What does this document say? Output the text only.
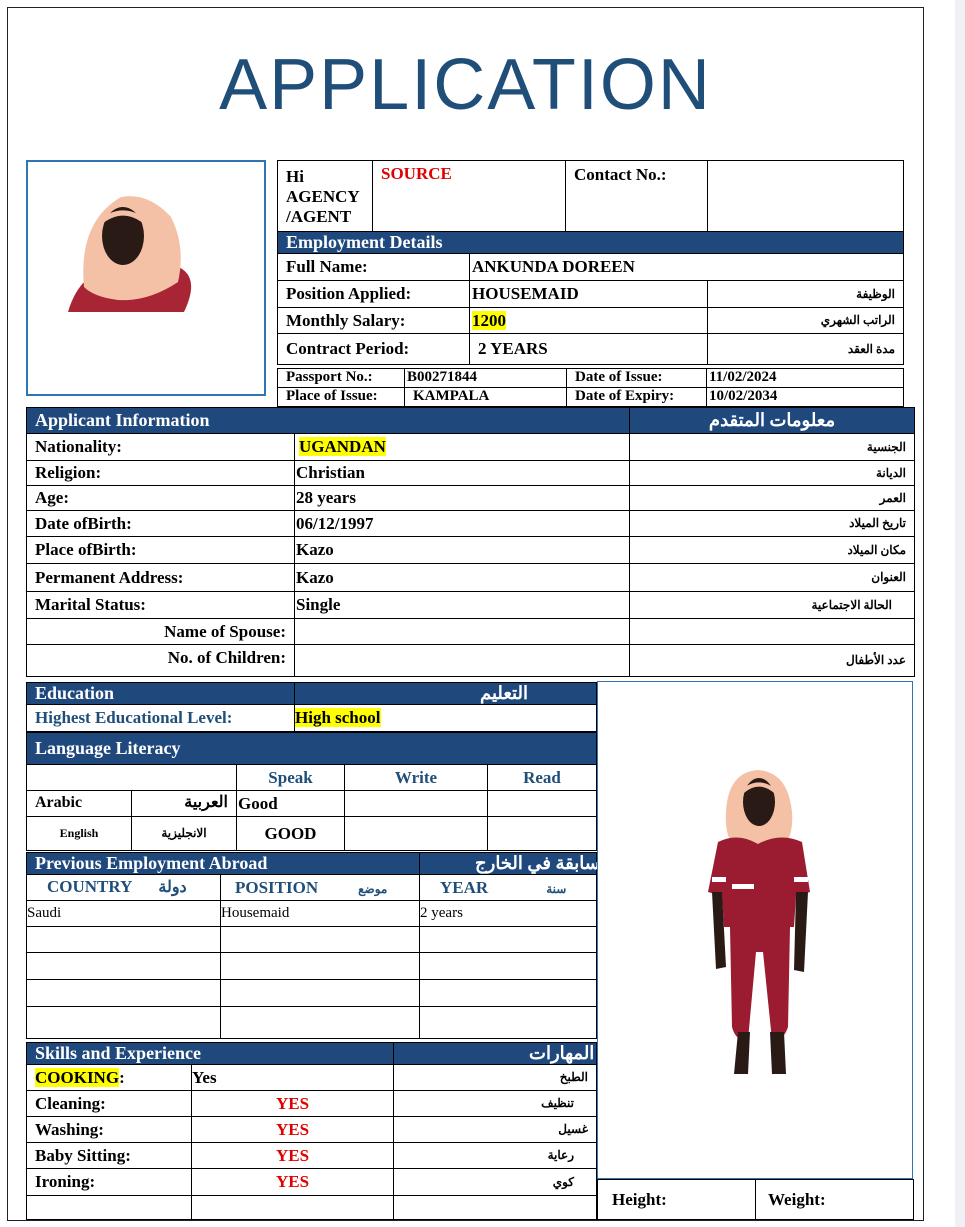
APPLICATION
Hi AGENCY /AGENT	SOURCE	Contact No.:	
Employment Details		
Full Name:	ANKUNDA DOREEN	
Position Applied:	HOUSEMAID	الوظيفة
Monthly Salary:	1200	الراتب الشهري
Contract Period:	2 YEARS	مدة العقد
Passport No.:	B00271844	Date of Issue:	11/02/2024
Place of Issue:	KAMPALA	Date of Expiry:	10/02/2034
Applicant Information		معلومات المتقدم
Nationality:	UGANDAN	الجنسية
Religion:	Christian	الديانة
Age:	28 years	العمر
Date ofBirth:	06/12/1997	تاريخ الميلاد
Place ofBirth:	Kazo	مكان الميلاد
Permanent Address:	Kazo	العنوان
Marital Status:	Single	الحالة الاجتماعية
Name of Spouse:		
No. of Children:		عدد الأطفال
Education	التعليم
Highest Educational Level:	High school
Language Literacy				
		Speak	Write	Read
Arabic	العربية	Good		
English	الانجليزية	GOOD		
Previous Employment Abroad		الخبرة السابقة في الخارج
COUNTRY دولة	POSITION موضع	YEAR سنة
Saudi	Housemaid	2 years

Skills and Experience		المهارات
COOKING:	Yes	الطبخ
Cleaning:	YES	تنظيف
Washing:	YES	غسيل
Baby Sitting:	YES	رعاية
Ironing:	YES	كوي

Height:	Weight:
